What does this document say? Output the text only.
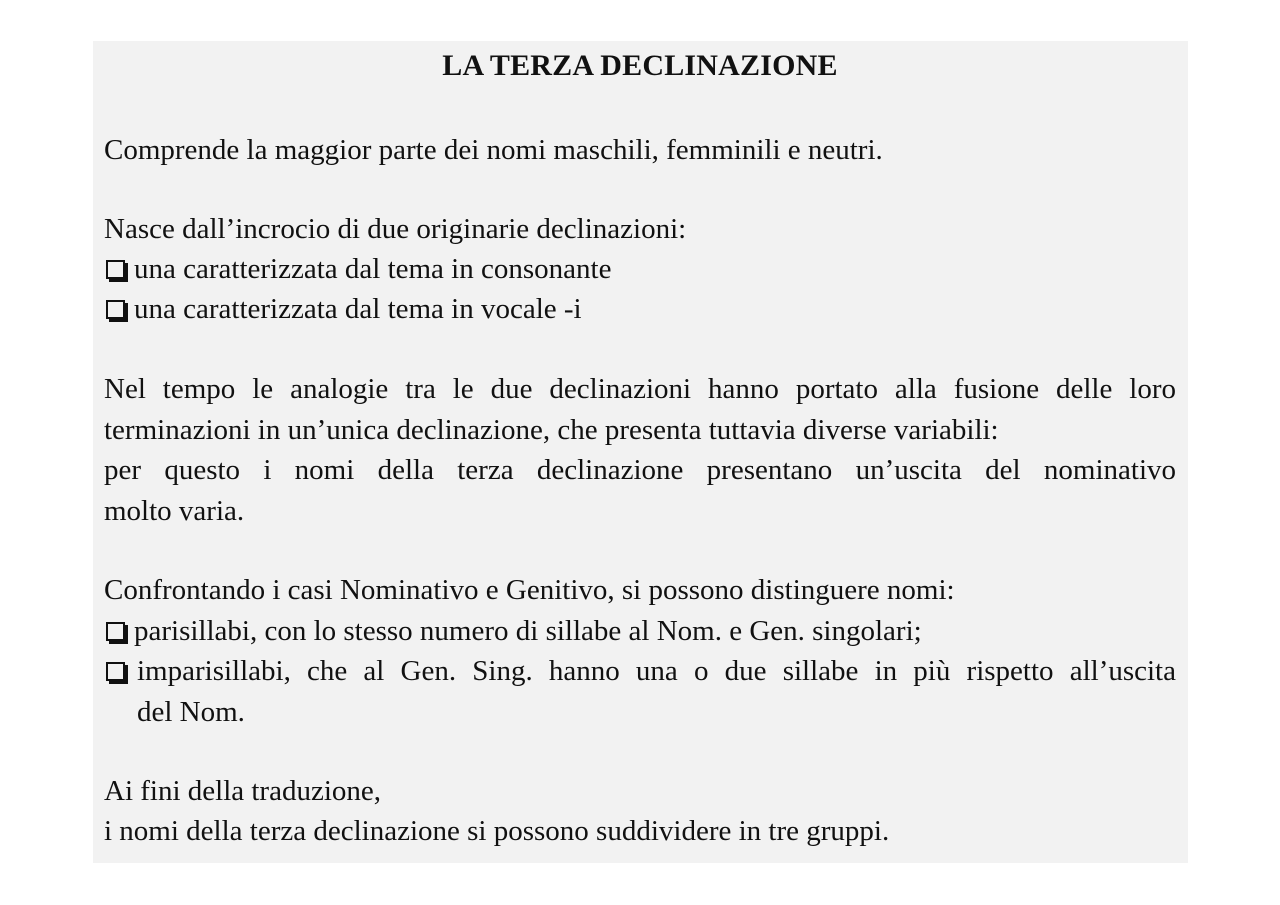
LA TERZA DECLINAZIONE
Comprende la maggior parte dei nomi maschili, femminili e neutri.
Nasce dall’incrocio di due originarie declinazioni:
una caratterizzata dal tema in consonante
una caratterizzata dal tema in vocale -i
Nel tempo le analogie tra le due declinazioni hanno portato alla fusione delle loro
terminazioni in un’unica declinazione, che presenta tuttavia diverse variabili:
per questo i nomi della terza declinazione presentano un’uscita del nominativo
molto varia.
Confrontando i casi Nominativo e Genitivo, si possono distinguere nomi:
parisillabi, con lo stesso numero di sillabe al Nom. e Gen. singolari;
imparisillabi, che al Gen. Sing. hanno una o due sillabe in più rispetto all’uscita
del Nom.
Ai fini della traduzione,
i nomi della terza declinazione si possono suddividere in tre gruppi.
